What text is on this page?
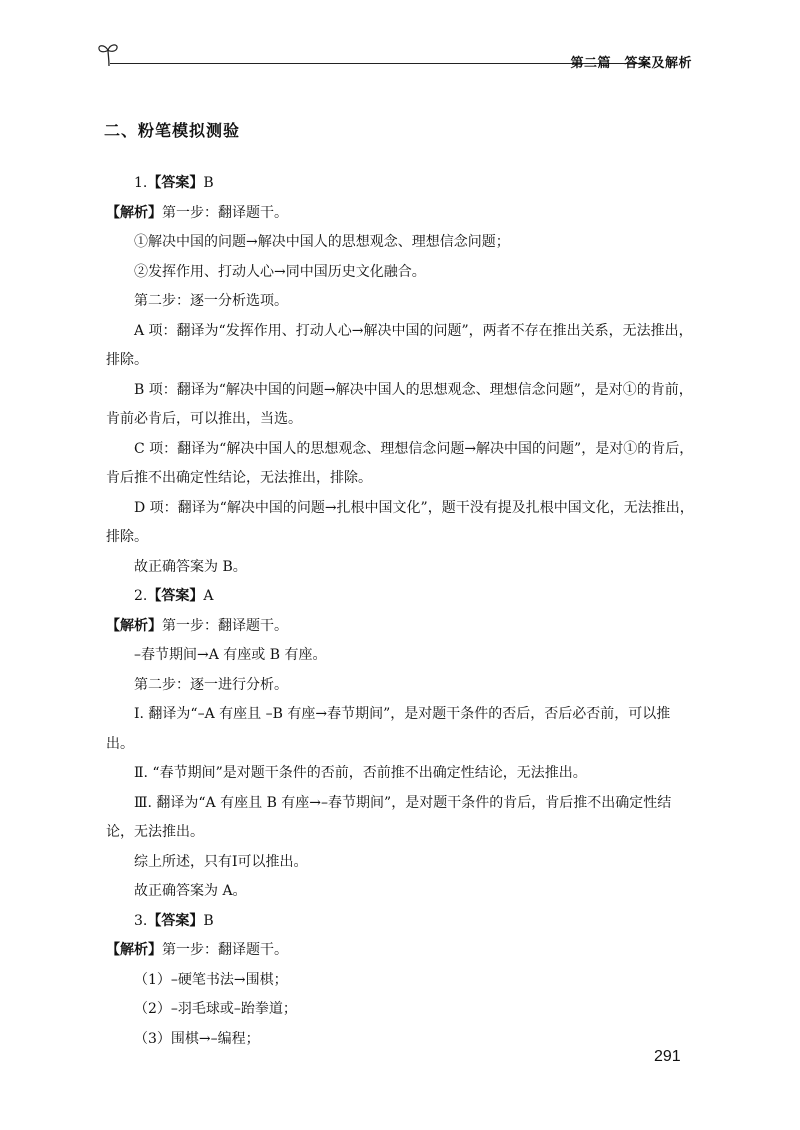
第二篇　答案及解析
二、粉笔模拟测验

1.【答案】B

【解析】第一步：翻译题干。

①解决中国的问题→解决中国人的思想观念、理想信念问题；

②发挥作用、打动人心→同中国历史文化融合。

第二步：逐一分析选项。

A 项：翻译为“发挥作用、打动人心→解决中国的问题”，两者不存在推出关系，无法推出，排除。

B 项：翻译为“解决中国的问题→解决中国人的思想观念、理想信念问题”，是对①的肯前，肯前必肯后，可以推出，当选。

C 项：翻译为“解决中国人的思想观念、理想信念问题→解决中国的问题”，是对①的肯后，肯后推不出确定性结论，无法推出，排除。

D 项：翻译为“解决中国的问题→扎根中国文化”，题干没有提及扎根中国文化，无法推出，排除。

故正确答案为 B。

2.【答案】A

【解析】第一步：翻译题干。

–春节期间→A 有座或 B 有座。

第二步：逐一进行分析。

Ⅰ. 翻译为“–A 有座且 –B 有座→春节期间”，是对题干条件的否后，否后必否前，可以推出。

Ⅱ. “春节期间”是对题干条件的否前，否前推不出确定性结论，无法推出。

Ⅲ. 翻译为“A 有座且 B 有座→–春节期间”，是对题干条件的肯后，肯后推不出确定性结论，无法推出。

综上所述，只有Ⅰ可以推出。

故正确答案为 A。

3.【答案】B

【解析】第一步：翻译题干。

（1）–硬笔书法→围棋；

（2）–羽毛球或–跆拳道；

（3）围棋→–编程；

291
